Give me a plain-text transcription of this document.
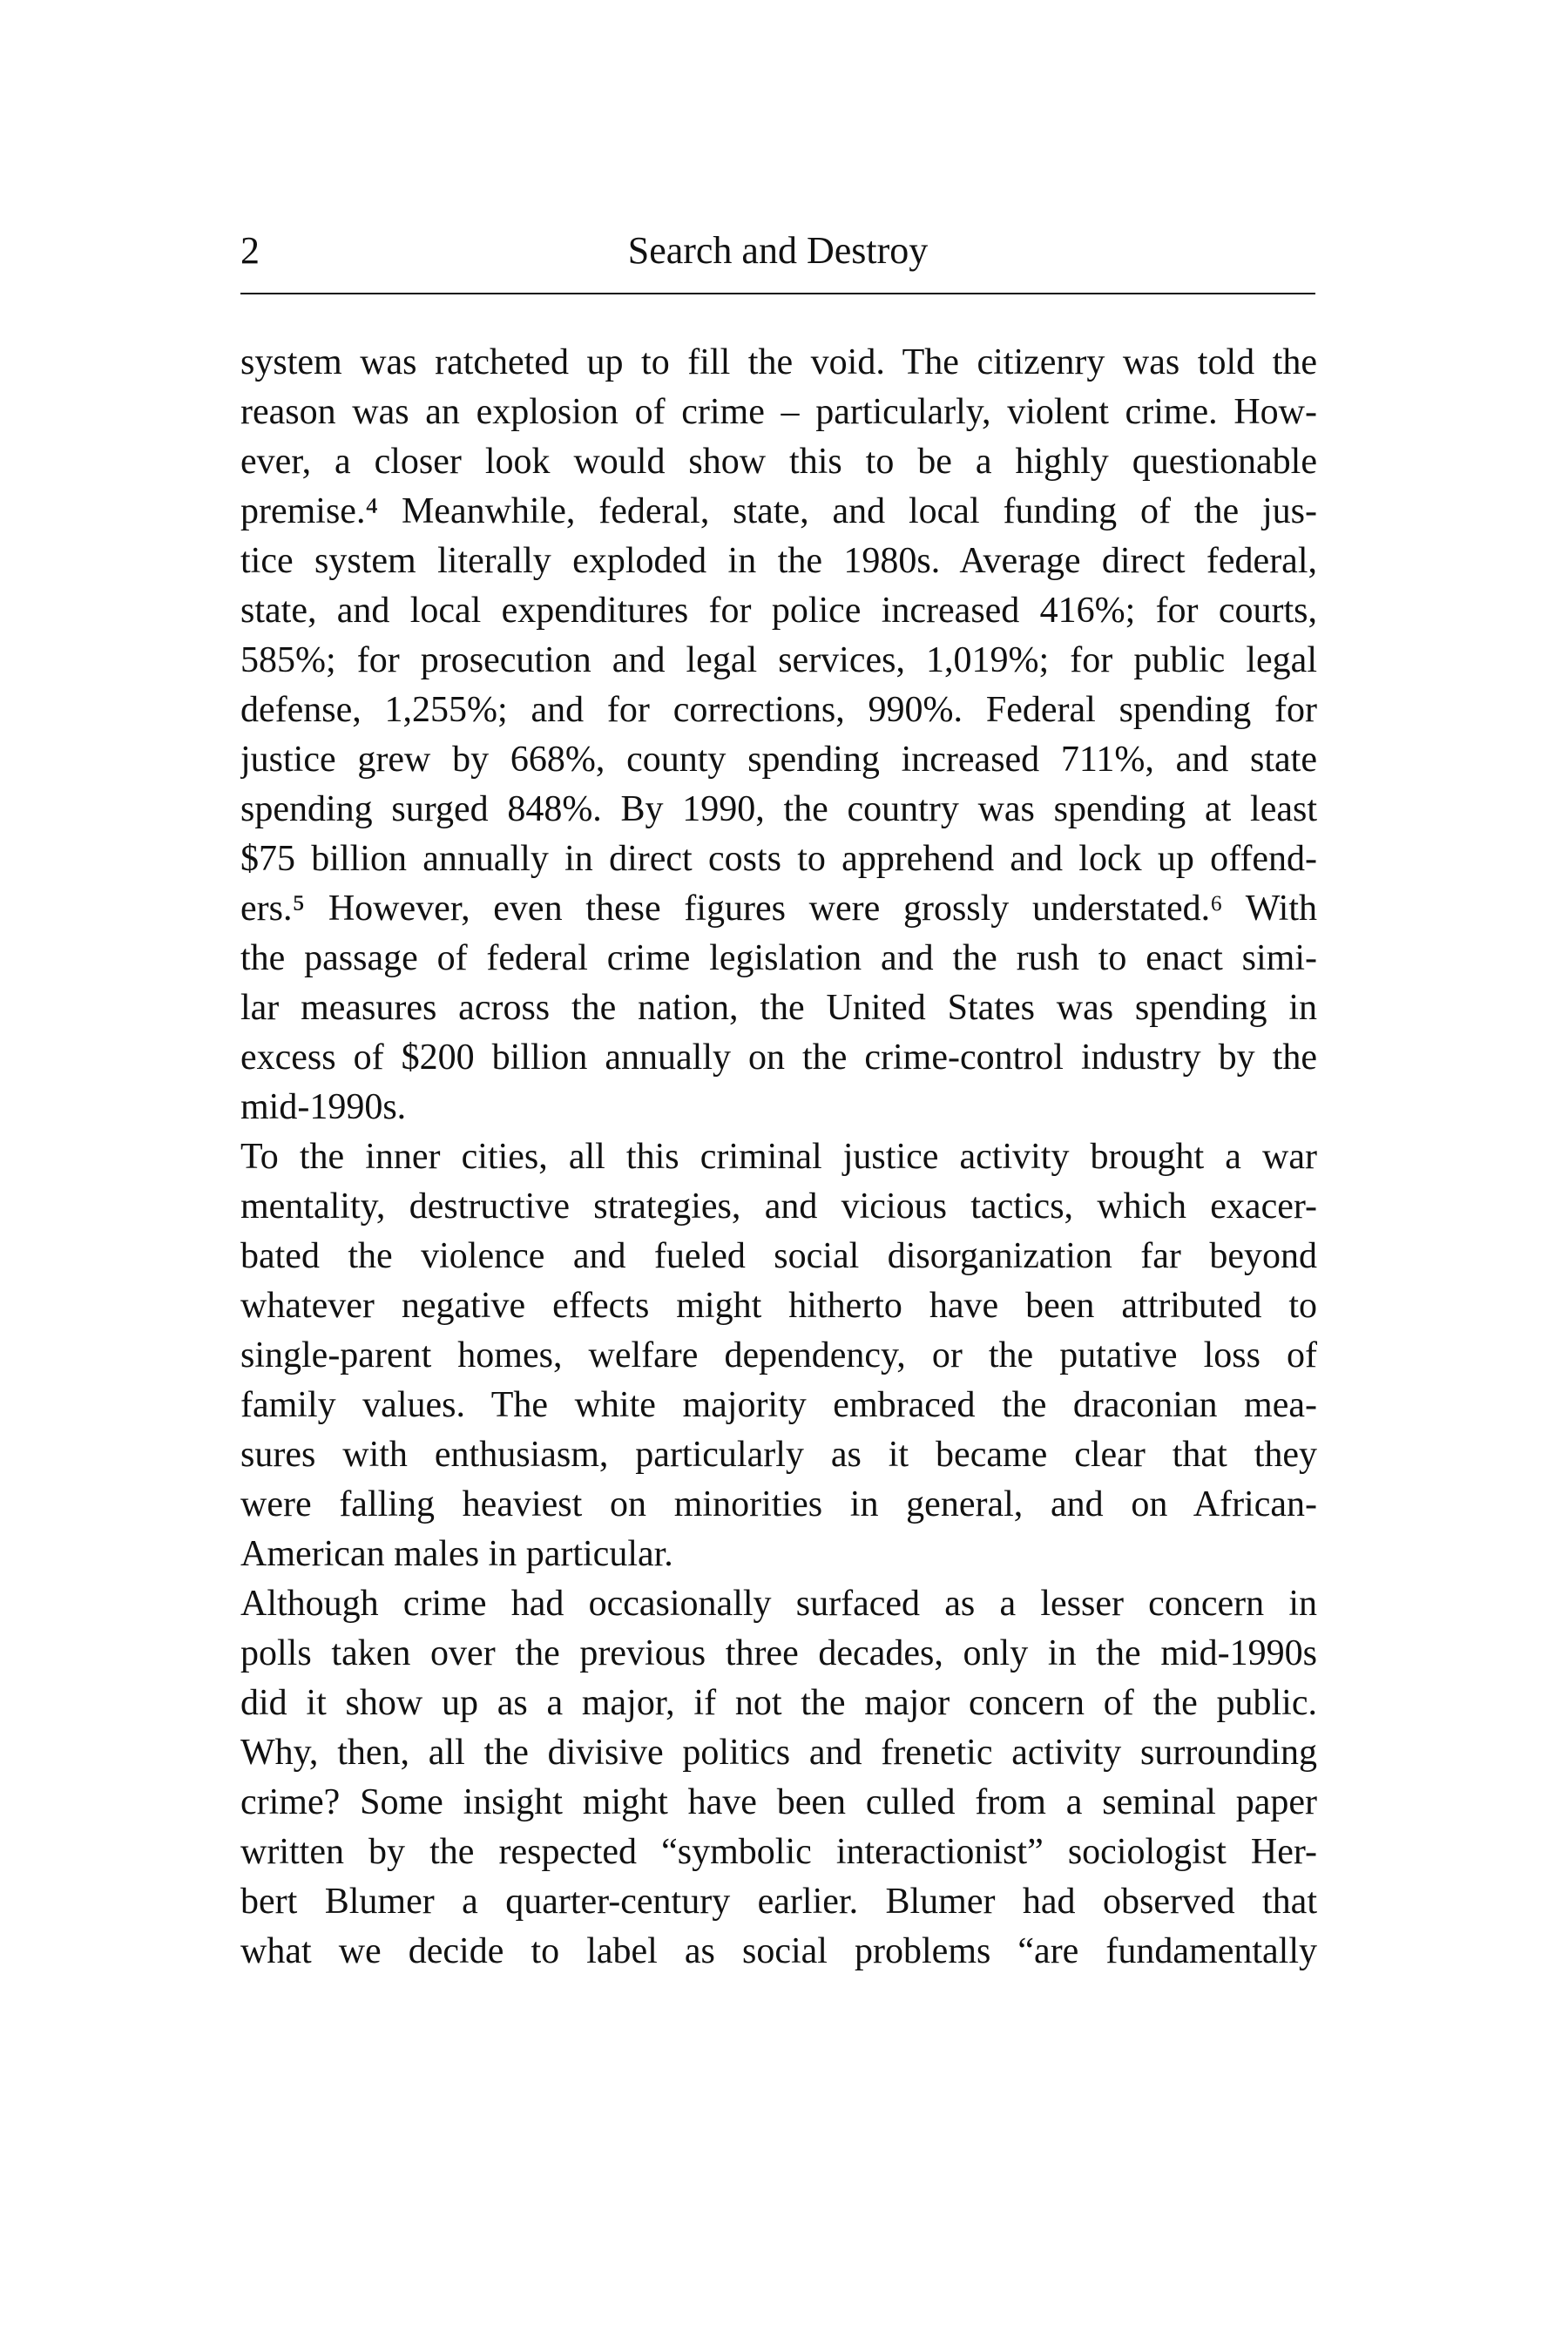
2	Search and Destroy
system was ratcheted up to fill the void. The citizenry was told the
reason was an explosion of crime – particularly, violent crime. How-
ever, a closer look would show this to be a highly questionable
premise.⁴ Meanwhile, federal, state, and local funding of the jus-
tice system literally exploded in the 1980s. Average direct federal,
state, and local expenditures for police increased 416%; for courts,
585%; for prosecution and legal services, 1,019%; for public legal
defense, 1,255%; and for corrections, 990%. Federal spending for
justice grew by 668%, county spending increased 711%, and state
spending surged 848%. By 1990, the country was spending at least
$75 billion annually in direct costs to apprehend and lock up offend-
ers.⁵ However, even these figures were grossly understated.⁶ With
the passage of federal crime legislation and the rush to enact simi-
lar measures across the nation, the United States was spending in
excess of $200 billion annually on the crime-control industry by the
mid-1990s.
To the inner cities, all this criminal justice activity brought a war
mentality, destructive strategies, and vicious tactics, which exacer-
bated the violence and fueled social disorganization far beyond
whatever negative effects might hitherto have been attributed to
single-parent homes, welfare dependency, or the putative loss of
family values. The white majority embraced the draconian mea-
sures with enthusiasm, particularly as it became clear that they
were falling heaviest on minorities in general, and on African-
American males in particular.
Although crime had occasionally surfaced as a lesser concern in
polls taken over the previous three decades, only in the mid-1990s
did it show up as a major, if not the major concern of the public.
Why, then, all the divisive politics and frenetic activity surrounding
crime? Some insight might have been culled from a seminal paper
written by the respected “symbolic interactionist” sociologist Her-
bert Blumer a quarter-century earlier. Blumer had observed that
what we decide to label as social problems “are fundamentally
